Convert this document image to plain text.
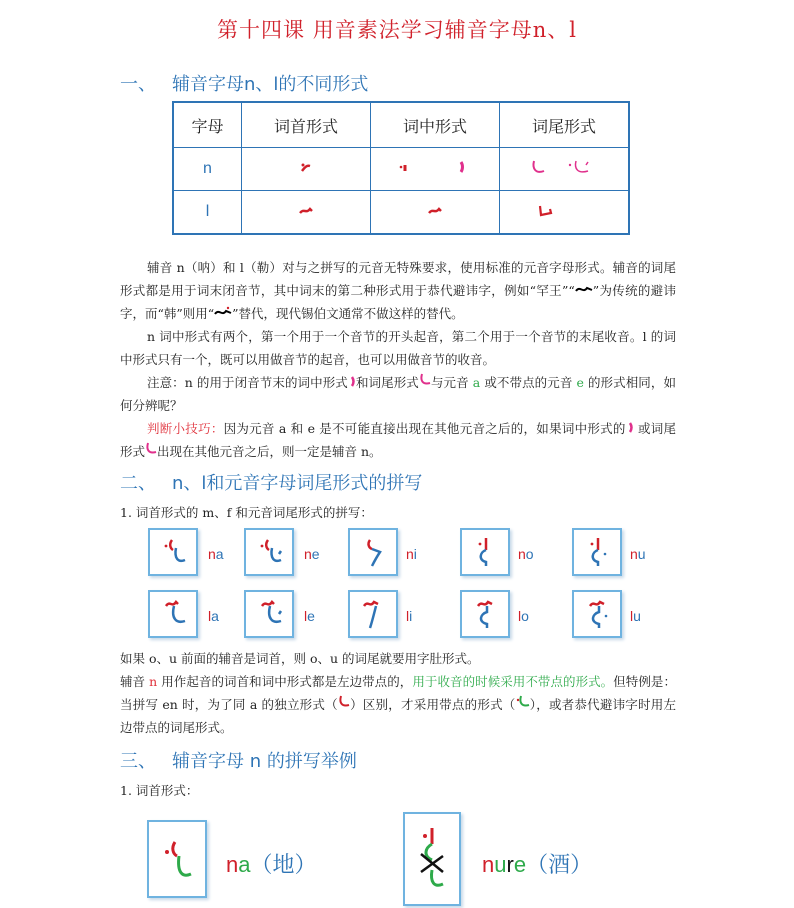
第十四课 用音素法学习辅音字母n、l
一、 辅音字母n、l的不同形式
字母	词首形式	词中形式	词尾形式
n			
l			

辅音 n（呐）和 l（勒）对与之拼写的元音无特殊要求，使用标准的元音字母形式。辅音的词尾形式都是用于词末闭音节，其中词末的第二种形式用于恭代避讳字，例如“罕王”“ ”为传统的避讳字，而“韩”则用“ ”替代，现代锡伯文通常不做这样的替代。

n 词中形式有两个，第一个用于一个音节的开头起音，第二个用于一个音节的末尾收音。l 的词中形式只有一个，既可以用做音节的起音，也可以用做音节的收音。

注意：n 的用于闭音节末的词中形式 和词尾形式 与元音 a 或不带点的元音 e 的形式相同，如何分辨呢？

判断小技巧：因为元音 a 和 e 是不可能直接出现在其他元音之后的，如果词中形式的 或词尾形式 出现在其他元音之后，则一定是辅音 n。

二、 n、l和元音字母词尾形式的拼写
1. 词首形式的 m、f 和元音词尾形式的拼写：
na	ne	ni	no	nu
la	le	li	lo	lu

如果 o、u 前面的辅音是词首，则 o、u 的词尾就要用字肚形式。

辅音 n 用作起音的词首和词中形式都是左边带点的，用于收音的时候采用不带点的形式。但特例是：当拼写 en 时，为了同 a 的独立形式（ ）区别，才采用带点的形式（ ），或者恭代避讳字时用左边带点的词尾形式。

三、 辅音字母 n 的拼写举例
1. 词首形式：
na（地）	nure（酒）
